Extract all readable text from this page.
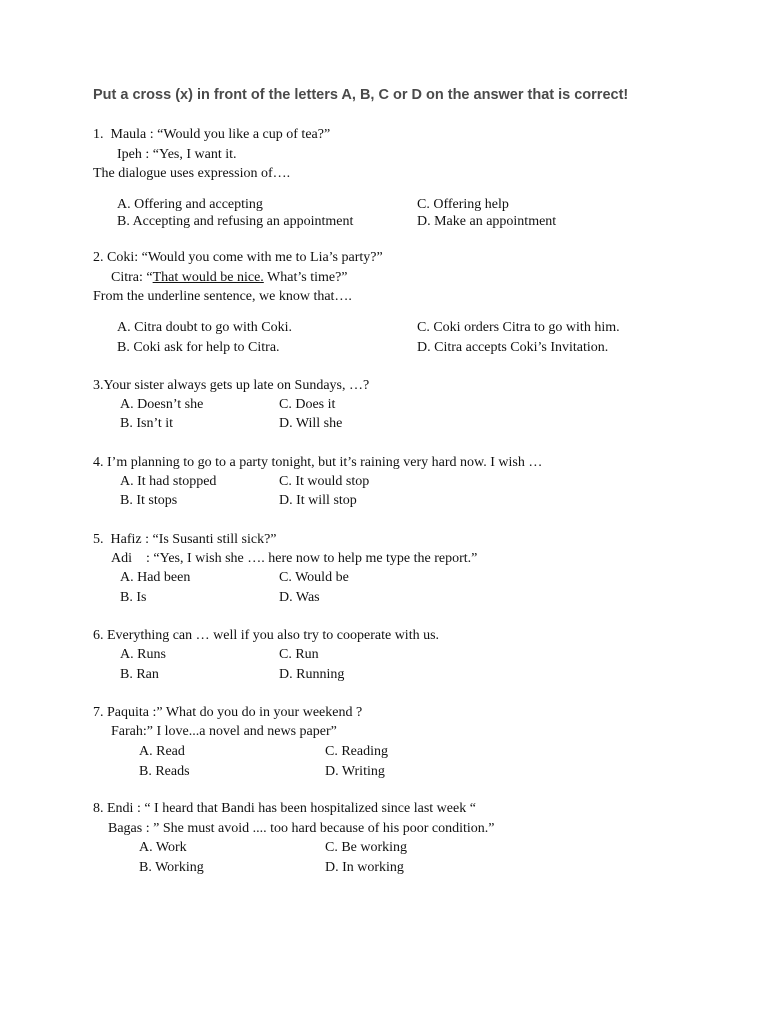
Put a cross (x) in front of the letters A, B, C or D on the answer that is correct!
1.  Maula : “Would you like a cup of tea?”
Ipeh : “Yes, I want it.
The dialogue uses expression of….
A. Offering and accepting	C. Offering help
B. Accepting and refusing an appointment	D. Make an appointment
2. Coki: “Would you come with me to Lia’s party?”
Citra: “That would be nice. What’s time?”
From the underline sentence, we know that….
A. Citra doubt to go with Coki.	C. Coki orders Citra to go with him.
B. Coki ask for help to Citra.	D. Citra accepts Coki’s Invitation.
3.Your sister always gets up late on Sundays, …?
A. Doesn’t she	C. Does it
B. Isn’t it	D. Will she
4. I’m planning to go to a party tonight, but it’s raining very hard now. I wish …
A. It had stopped	C. It would stop
B. It stops	D. It will stop
5.  Hafiz : “Is Susanti still sick?”
Adi    : “Yes, I wish she …. here now to help me type the report.”
A. Had been	C. Would be
B. Is	D. Was
6. Everything can … well if you also try to cooperate with us.
A. Runs	C. Run
B. Ran	D. Running
7. Paquita :” What do you do in your weekend ?
Farah:” I love...a novel and news paper”
A. Read	C. Reading
B. Reads	D. Writing
8. Endi : “ I heard that Bandi has been hospitalized since last week “
Bagas : ” She must avoid .... too hard because of his poor condition.”
A. Work	C. Be working
B. Working	D. In working
